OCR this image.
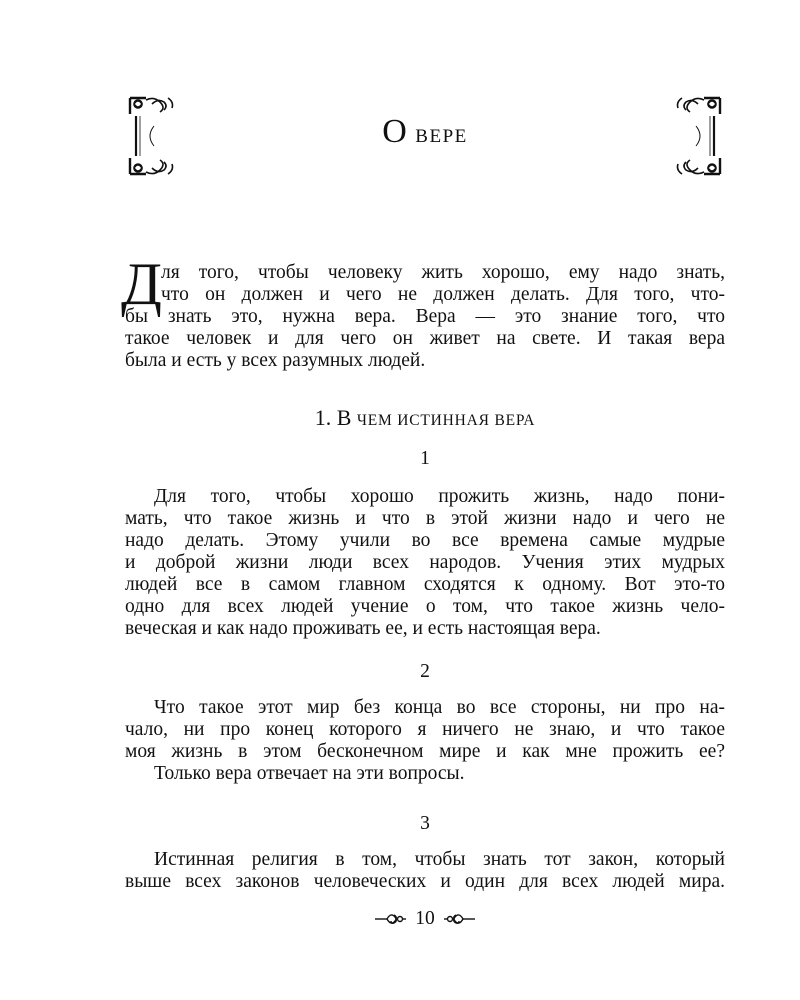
О ВЕРЕ
Д ля того, чтобы человеку жить хорошо, ему надо знать,
что он должен и чего не должен делать. Для того, что-
бы знать это, нужна вера. Вера — это знание того, что
такое человек и для чего он живет на свете. И такая вера
была и есть у всех разумных людей.
1. В ЧЕМ ИСТИННАЯ ВЕРА
1
Для того, чтобы хорошо прожить жизнь, надо пони-
мать, что такое жизнь и что в этой жизни надо и чего не
надо делать. Этому учили во все времена самые мудрые
и доброй жизни люди всех народов. Учения этих мудрых
людей все в самом главном сходятся к одному. Вот это-то
одно для всех людей учение о том, что такое жизнь чело-
веческая и как надо проживать ее, и есть настоящая вера.
2
Что такое этот мир без конца во все стороны, ни про на-
чало, ни про конец которого я ничего не знаю, и что такое
моя жизнь в этом бесконечном мире и как мне прожить ее?
Только вера отвечает на эти вопросы.
3
Истинная религия в том, чтобы знать тот закон, который
выше всех законов человеческих и один для всех людей мира.
10
